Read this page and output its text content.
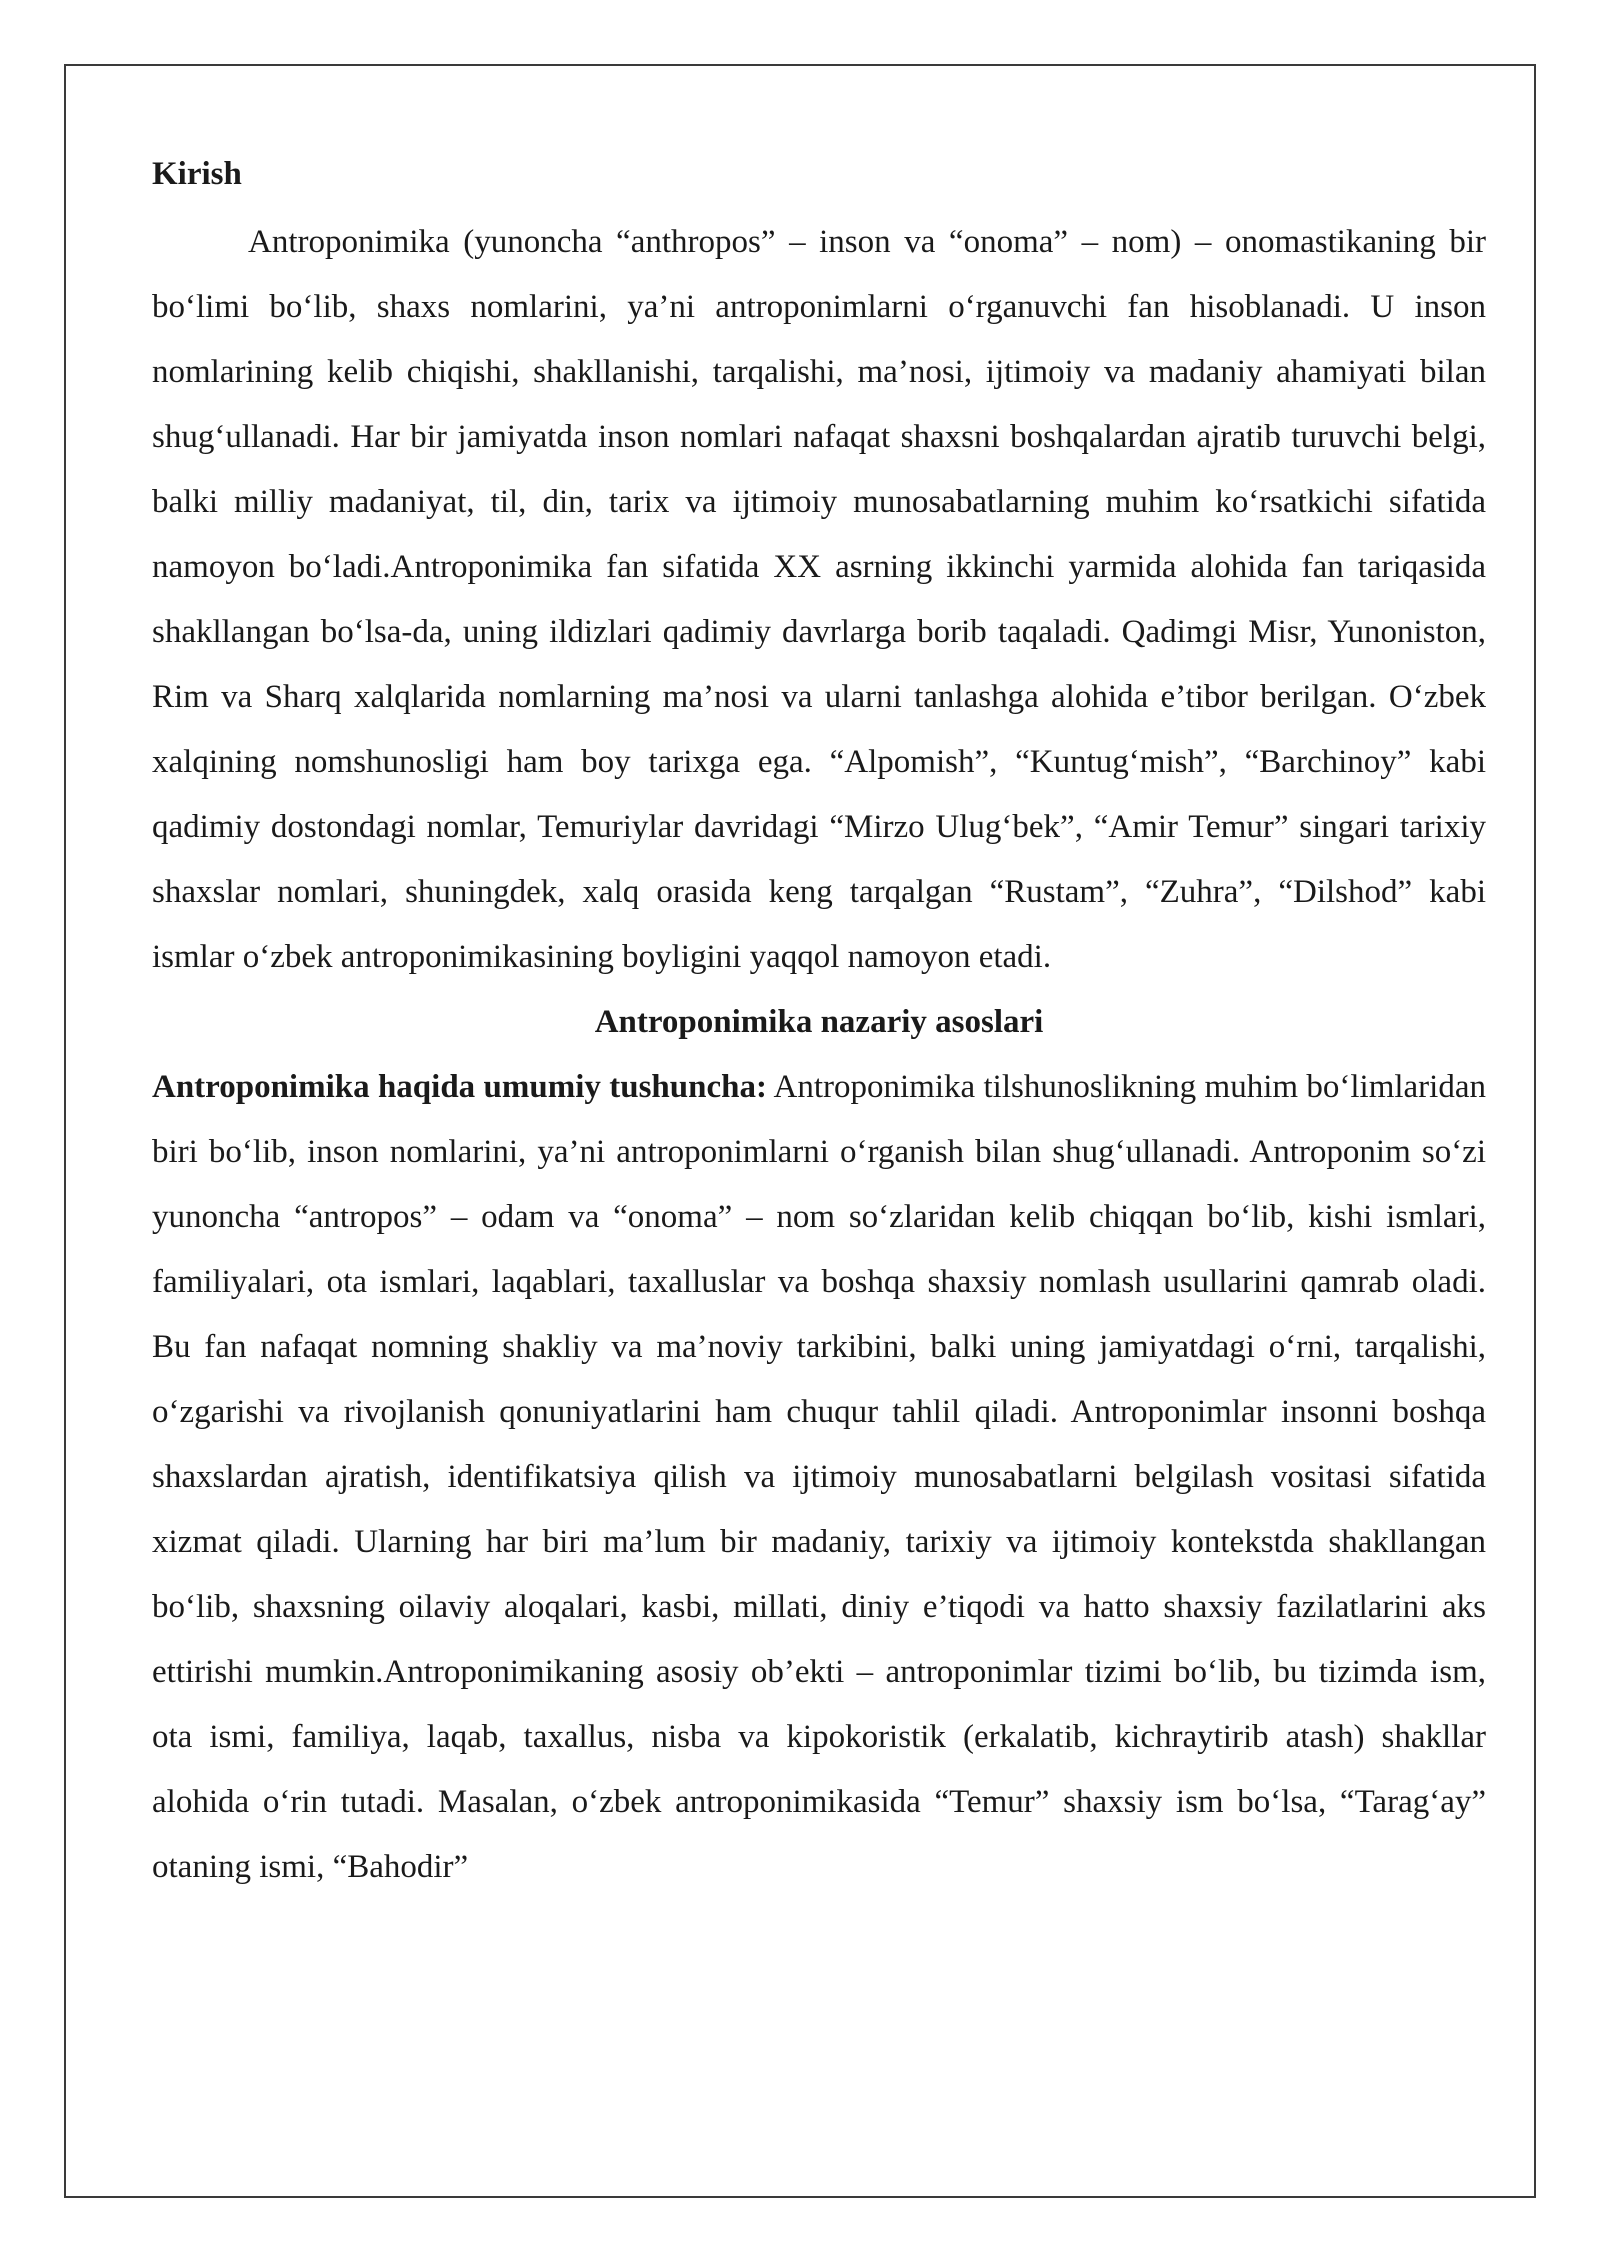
Kirish

Antroponimika (yunoncha “anthropos” – inson va “onoma” – nom) – onomastikaning bir bo‘limi bo‘lib, shaxs nomlarini, ya’ni antroponimlarni o‘rganuvchi fan hisoblanadi. U inson nomlarining kelib chiqishi, shakllanishi, tarqalishi, ma’nosi, ijtimoiy va madaniy ahamiyati bilan shug‘ullanadi. Har bir jamiyatda inson nomlari nafaqat shaxsni boshqalardan ajratib turuvchi belgi, balki milliy madaniyat, til, din, tarix va ijtimoiy munosabatlarning muhim ko‘rsatkichi sifatida namoyon bo‘ladi.Antroponimika fan sifatida XX asrning ikkinchi yarmida alohida fan tariqasida shakllangan bo‘lsa-da, uning ildizlari qadimiy davrlarga borib taqaladi. Qadimgi Misr, Yunoniston, Rim va Sharq xalqlarida nomlarning ma’nosi va ularni tanlashga alohida e’tibor berilgan. O‘zbek xalqining nomshunosligi ham boy tarixga ega. “Alpomish”, “Kuntug‘mish”, “Barchinoy” kabi qadimiy dostondagi nomlar, Temuriylar davridagi “Mirzo Ulug‘bek”, “Amir Temur” singari tarixiy shaxslar nomlari, shuningdek, xalq orasida keng tarqalgan “Rustam”, “Zuhra”, “Dilshod” kabi ismlar o‘zbek antroponimikasining boyligini yaqqol namoyon etadi.

Antroponimika nazariy asoslari

Antroponimika haqida umumiy tushuncha: Antroponimika tilshunoslikning muhim bo‘limlaridan biri bo‘lib, inson nomlarini, ya’ni antroponimlarni o‘rganish bilan shug‘ullanadi. Antroponim so‘zi yunoncha “antropos” – odam va “onoma” – nom so‘zlaridan kelib chiqqan bo‘lib, kishi ismlari, familiyalari, ota ismlari, laqablari, taxalluslar va boshqa shaxsiy nomlash usullarini qamrab oladi. Bu fan nafaqat nomning shakliy va ma’noviy tarkibini, balki uning jamiyatdagi o‘rni, tarqalishi, o‘zgarishi va rivojlanish qonuniyatlarini ham chuqur tahlil qiladi. Antroponimlar insonni boshqa shaxslardan ajratish, identifikatsiya qilish va ijtimoiy munosabatlarni belgilash vositasi sifatida xizmat qiladi. Ularning har biri ma’lum bir madaniy, tarixiy va ijtimoiy kontekstda shakllangan bo‘lib, shaxsning oilaviy aloqalari, kasbi, millati, diniy e’tiqodi va hatto shaxsiy fazilatlarini aks ettirishi mumkin.Antroponimikaning asosiy ob’ekti – antroponimlar tizimi bo‘lib, bu tizimda ism, ota ismi, familiya, laqab, taxallus, nisba va kipokoristik (erkalatib, kichraytirib atash) shakllar alohida o‘rin tutadi. Masalan, o‘zbek antroponimikasida “Temur” shaxsiy ism bo‘lsa, “Tarag‘ay” otaning ismi, “Bahodir”
